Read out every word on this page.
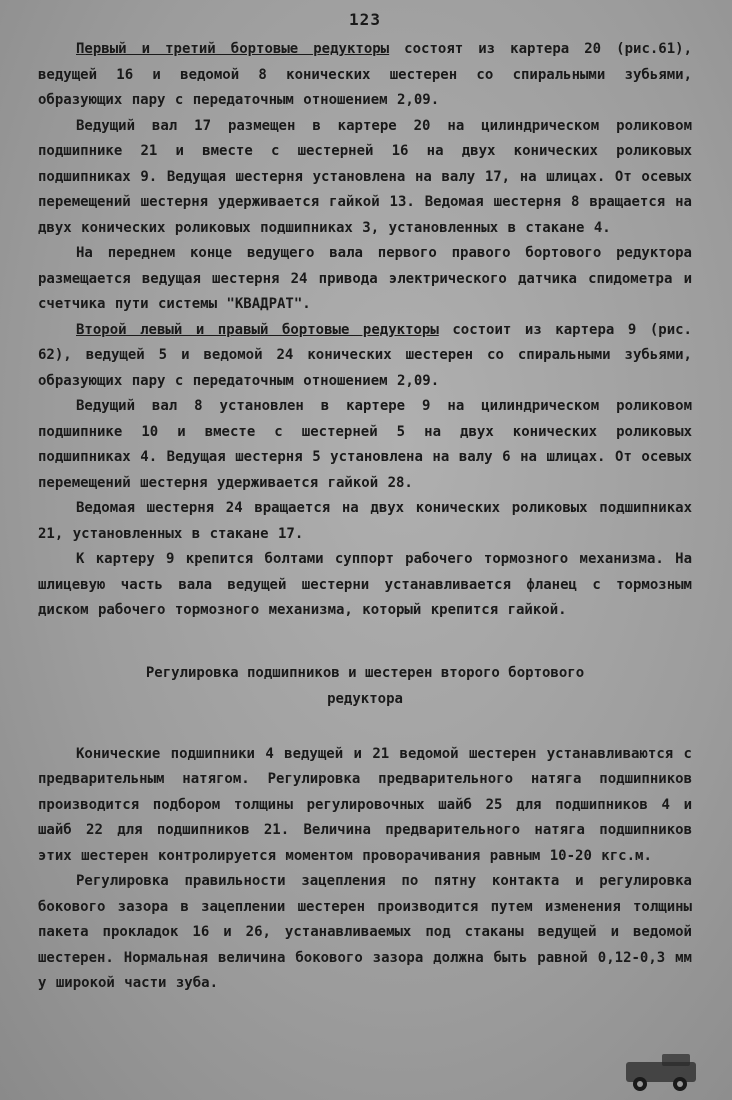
123

Первый и третий бортовые редукторы состоят из картера 20 (рис.61), ведущей 16 и ведомой 8 конических шестерен со спиральными зубьями, образующих пару с передаточным отношением 2,09.

Ведущий вал 17 размещен в картере 20 на цилиндрическом роликовом подшипнике 21 и вместе с шестерней 16 на двух конических роликовых подшипниках 9. Ведущая шестерня установлена на валу 17, на шлицах. От осевых перемещений шестерня удерживается гайкой 13. Ведомая шестерня 8 вращается на двух конических роликовых подшипниках 3, установленных в стакане 4.

На переднем конце ведущего вала первого правого бортового редуктора размещается ведущая шестерня 24 привода электрического датчика спидометра и счетчика пути системы "КВАДРАТ".

Второй левый и правый бортовые редукторы состоит из картера 9 (рис. 62), ведущей 5 и ведомой 24 конических шестерен со спиральными зубьями, образующих пару с передаточным отношением 2,09.

Ведущий вал 8 установлен в картере 9 на цилиндрическом роликовом подшипнике 10 и вместе с шестерней 5 на двух конических роликовых подшипниках 4. Ведущая шестерня 5 установлена на валу 6 на шлицах. От осевых перемещений шестерня удерживается гайкой 28.

Ведомая шестерня 24 вращается на двух конических роликовых подшипниках 21, установленных в стакане 17.

К картеру 9 крепится болтами суппорт рабочего тормозного механизма. На шлицевую часть вала ведущей шестерни устанавливается фланец с тормозным диском рабочего тормозного механизма, который крепится гайкой.

Регулировка подшипников и шестерен второго бортового
редуктора

Конические подшипники 4 ведущей и 21 ведомой шестерен устанавливаются с предварительным натягом. Регулировка предварительного натяга подшипников производится подбором толщины регулировочных шайб 25 для подшипников 4 и шайб 22 для подшипников 21. Величина предварительного натяга подшипников этих шестерен контролируется моментом проворачивания равным 10-20 кгс.м.

Регулировка правильности зацепления по пятну контакта и регулировка бокового зазора в зацеплении шестерен производится путем изменения толщины пакета прокладок 16 и 26, устанавливаемых под стаканы ведущей и ведомой шестерен. Нормальная величина бокового зазора должна быть равной 0,12-0,3 мм у широкой части зуба.
